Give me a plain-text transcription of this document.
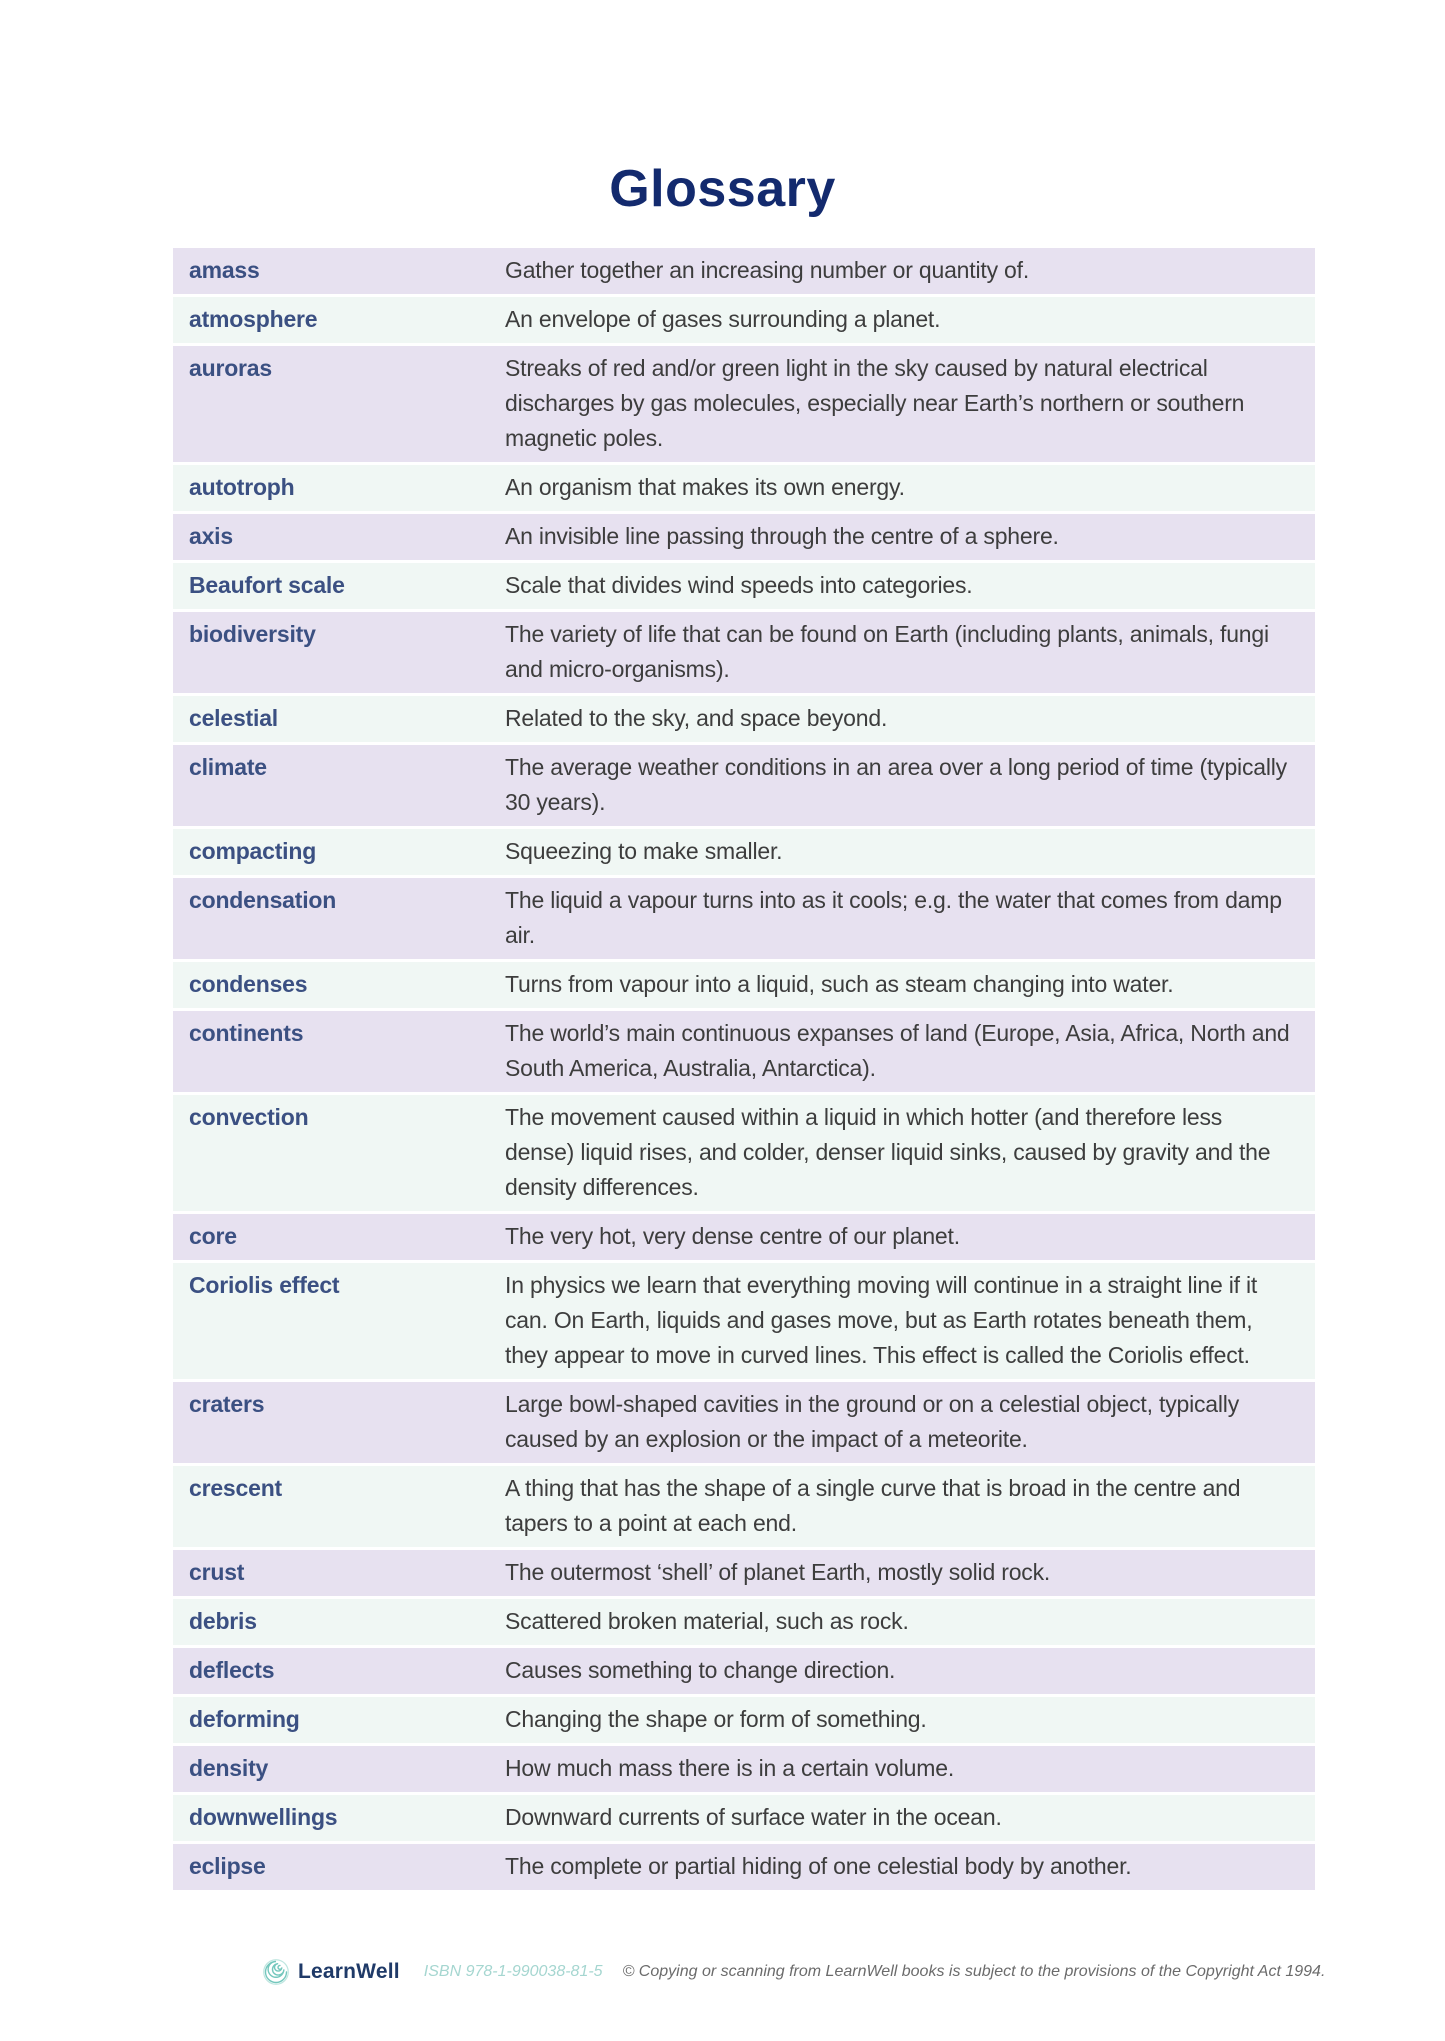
Glossary
amass	Gather together an increasing number or quantity of.
atmosphere	An envelope of gases surrounding a planet.
auroras	Streaks of red and/or green light in the sky caused by natural electrical discharges by gas molecules, especially near Earth’s northern or southern magnetic poles.
autotroph	An organism that makes its own energy.
axis	An invisible line passing through the centre of a sphere.
Beaufort scale	Scale that divides wind speeds into categories.
biodiversity	The variety of life that can be found on Earth (including plants, animals, fungi and micro-organisms).
celestial	Related to the sky, and space beyond.
climate	The average weather conditions in an area over a long period of time (typically 30 years).
compacting	Squeezing to make smaller.
condensation	The liquid a vapour turns into as it cools; e.g. the water that comes from damp air.
condenses	Turns from vapour into a liquid, such as steam changing into water.
continents	The world’s main continuous expanses of land (Europe, Asia, Africa, North and South America, Australia, Antarctica).
convection	The movement caused within a liquid in which hotter (and therefore less dense) liquid rises, and colder, denser liquid sinks, caused by gravity and the density differences.
core	The very hot, very dense centre of our planet.
Coriolis effect	In physics we learn that everything moving will continue in a straight line if it can. On Earth, liquids and gases move, but as Earth rotates beneath them, they appear to move in curved lines. This effect is called the Coriolis effect.
craters	Large bowl-shaped cavities in the ground or on a celestial object, typically caused by an explosion or the impact of a meteorite.
crescent	A thing that has the shape of a single curve that is broad in the centre and tapers to a point at each end.
crust	The outermost ‘shell’ of planet Earth, mostly solid rock.
debris	Scattered broken material, such as rock.
deflects	Causes something to change direction.
deforming	Changing the shape or form of something.
density	How much mass there is in a certain volume.
downwellings	Downward currents of surface water in the ocean.
eclipse	The complete or partial hiding of one celestial body by another.
LearnWell ISBN 978-1-990038-81-5 © Copying or scanning from LearnWell books is subject to the provisions of the Copyright Act 1994.
